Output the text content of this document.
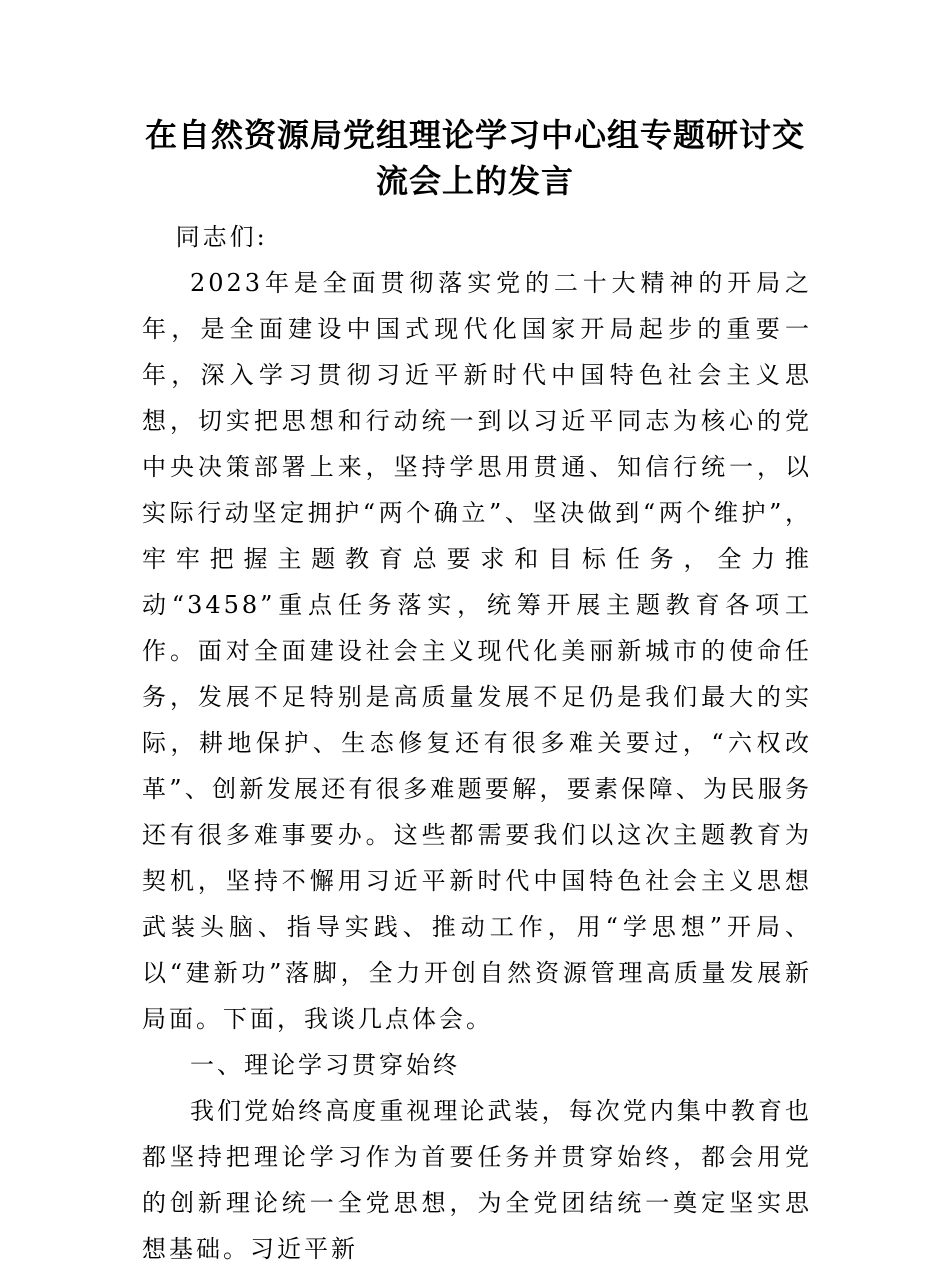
在自然资源局党组理论学习中心组专题研讨交流会上的发言

同志们:

2023年是全面贯彻落实党的二十大精神的开局之年，是全面建设中国式现代化国家开局起步的重要一年，深入学习贯彻习近平新时代中国特色社会主义思想，切实把思想和行动统一到以习近平同志为核心的党中央决策部署上来，坚持学思用贯通、知信行统一，以实际行动坚定拥护“两个确立”、坚决做到“两个维护”，牢牢把握主题教育总要求和目标任务，全力推动“3458”重点任务落实，统筹开展主题教育各项工作。面对全面建设社会主义现代化美丽新城市的使命任务，发展不足特别是高质量发展不足仍是我们最大的实际，耕地保护、生态修复还有很多难关要过，“六权改革”、创新发展还有很多难题要解，要素保障、为民服务还有很多难事要办。这些都需要我们以这次主题教育为契机，坚持不懈用习近平新时代中国特色社会主义思想武装头脑、指导实践、推动工作，用“学思想”开局、以“建新功”落脚，全力开创自然资源管理高质量发展新局面。下面，我谈几点体会。

一、理论学习贯穿始终

我们党始终高度重视理论武装，每次党内集中教育也都坚持把理论学习作为首要任务并贯穿始终，都会用党的创新理论统一全党思想，为全党团结统一奠定坚实思想基础。习近平新
